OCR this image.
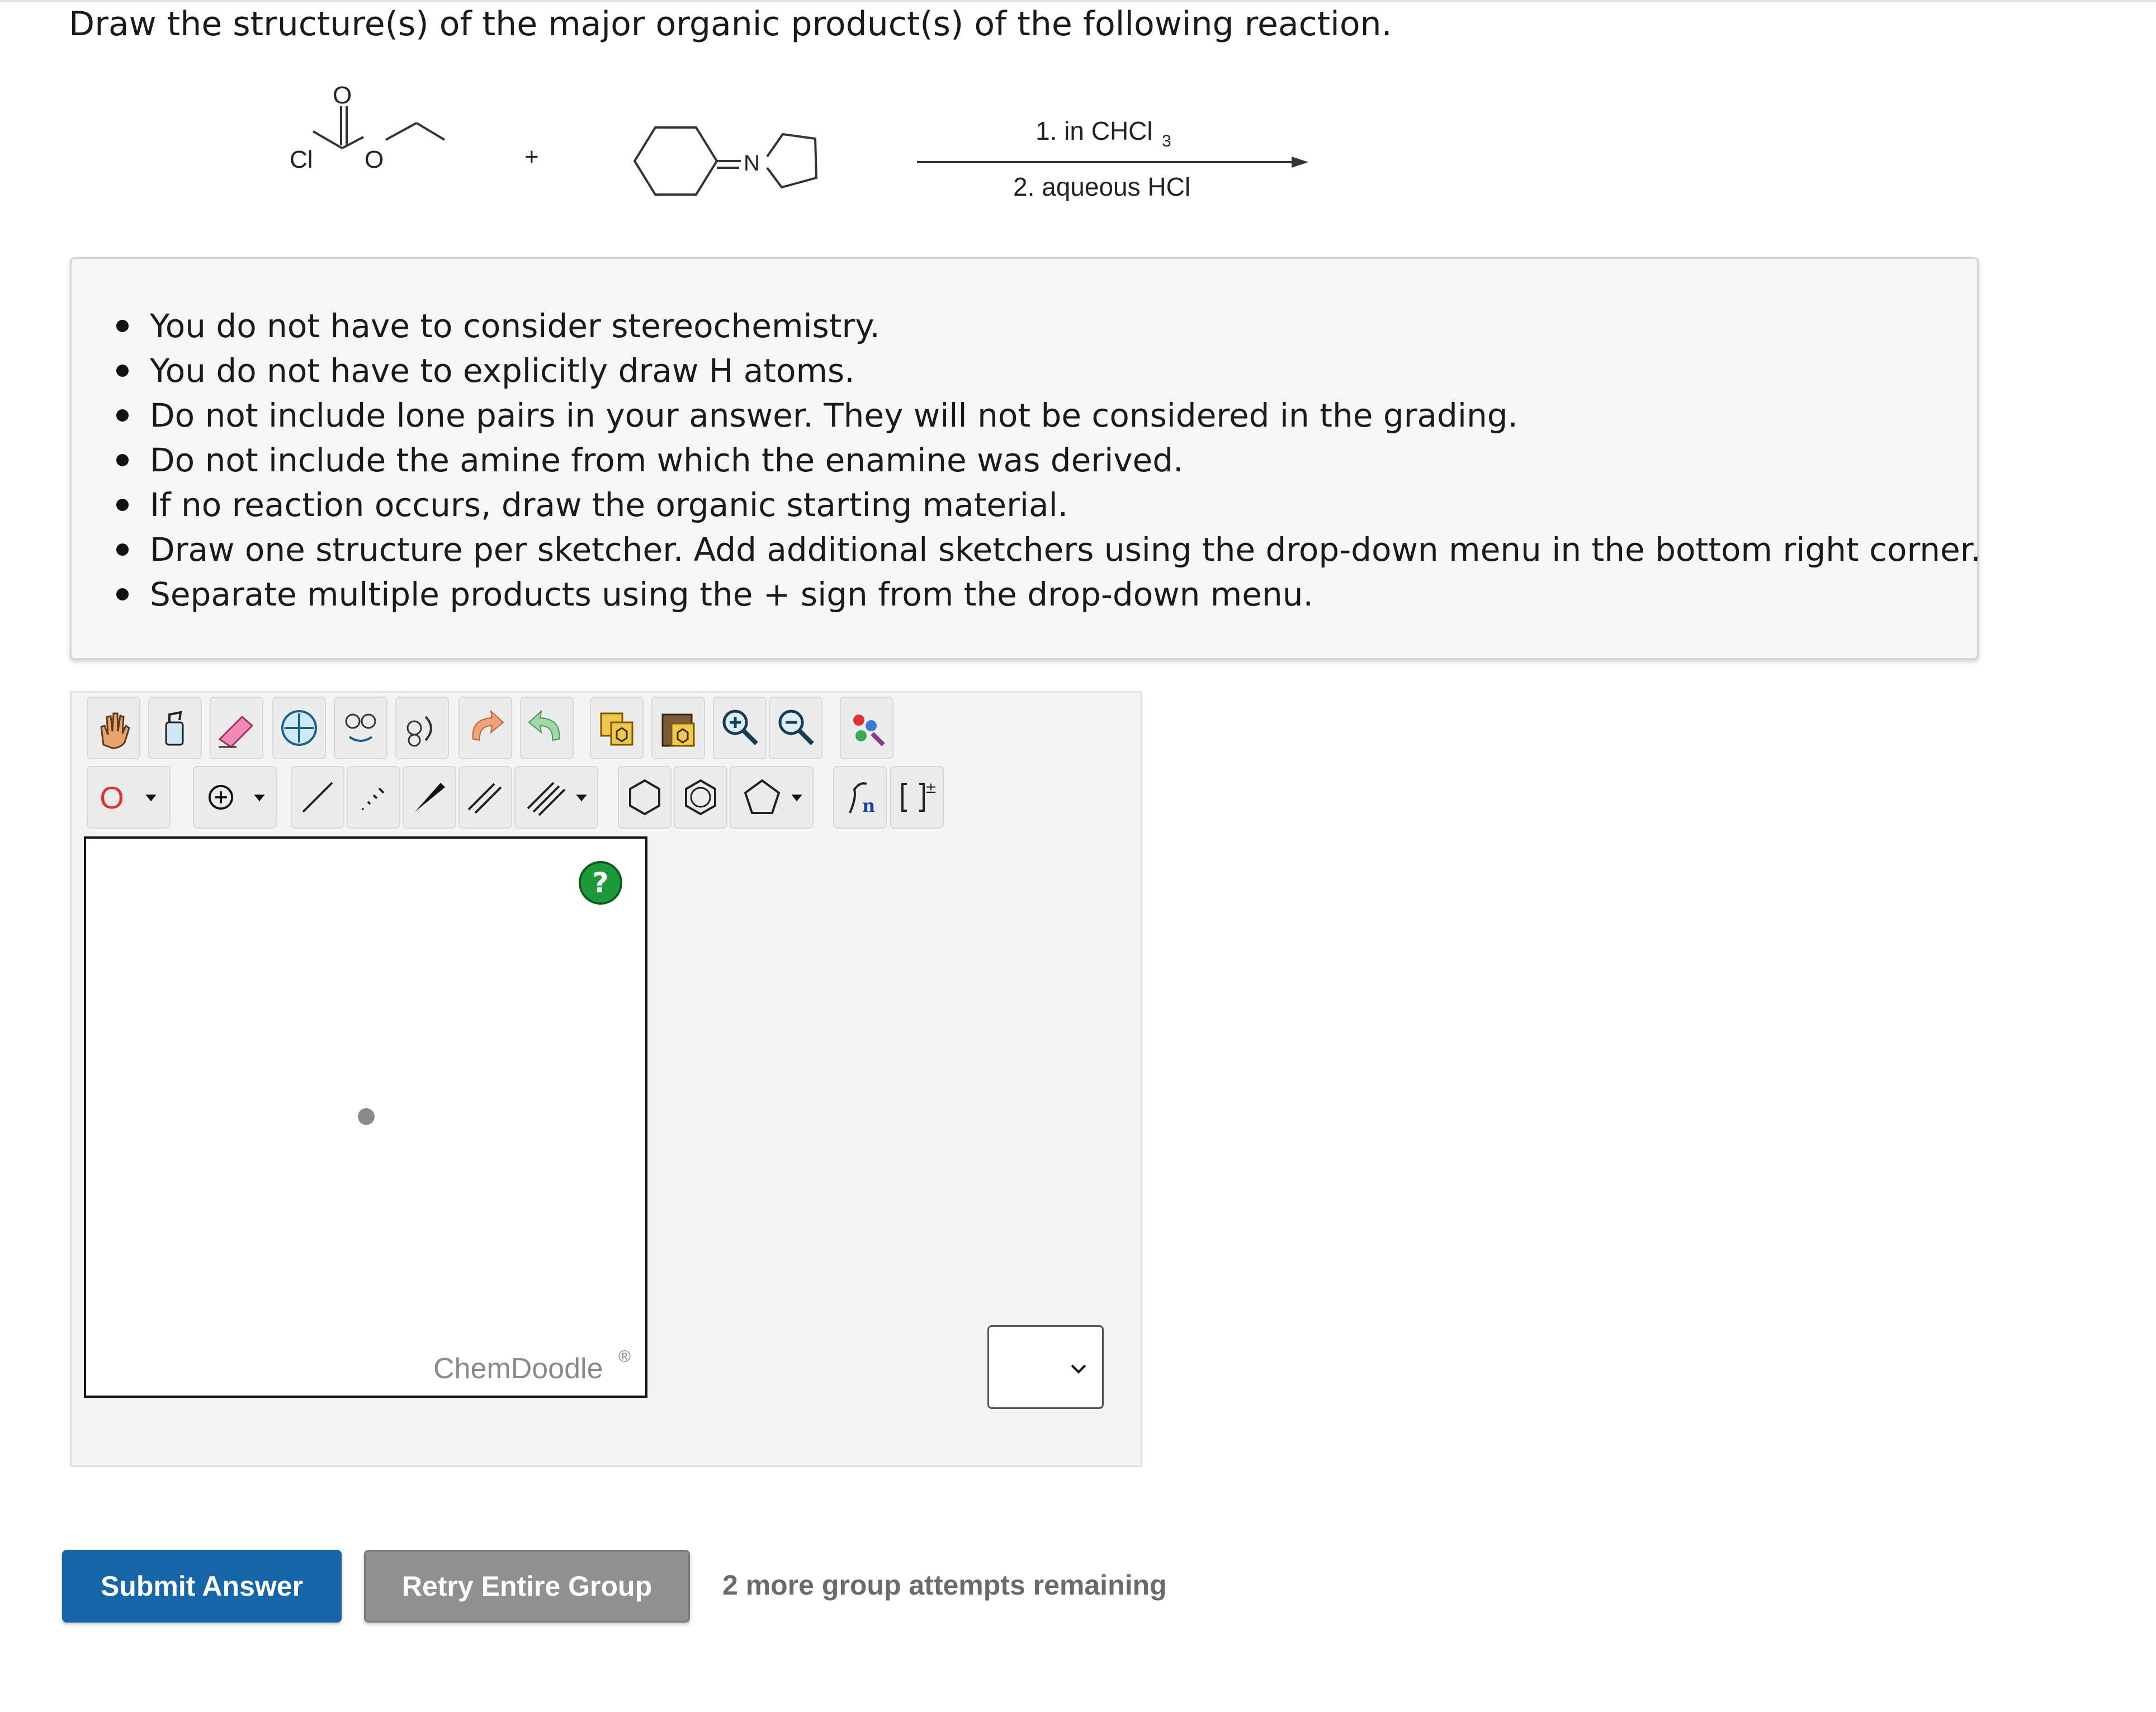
Draw the structure(s) of the major organic product(s) of the following reaction.
O
Cl O	+	N
1. in CHCl 3
2. aqueous HCl
You do not have to consider stereochemistry.
You do not have to explicitly draw H atoms.
Do not include lone pairs in your answer. They will not be considered in the grading.
Do not include the amine from which the enamine was derived.
If no reaction occurs, draw the organic starting material.
Draw one structure per sketcher. Add additional sketchers using the drop-down menu in the bottom right corner.
Separate multiple products using the + sign from the drop-down menu.
O	n
±
?
ChemDoodle ®
Submit Answer	Retry Entire Group	2 more group attempts remaining
